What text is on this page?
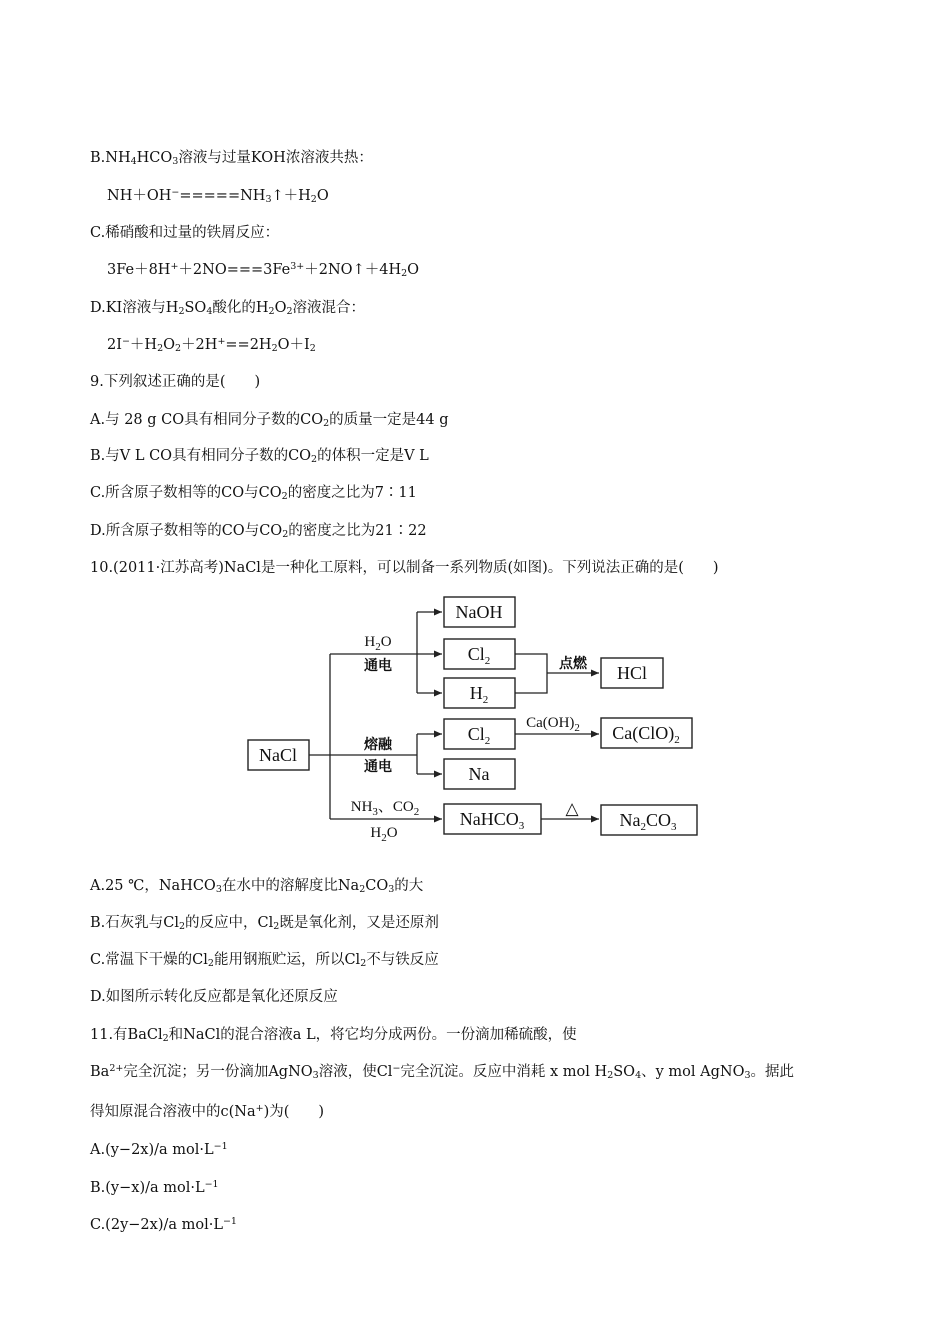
$B.NH_4HCO_3$溶液与过量KOH浓溶液共热：
$NH+OH^-=====NH_3↑+H_2O$
C.稀硝酸和过量的铁屑反应：
$3Fe+8H^++2NO===3Fe^{3+}+2NO↑+4H_2O$
D.KI溶液与$H_2SO_4$酸化的$H_2O_2$溶液混合：
$2I^-+H_2O_2+2H^+==2H_2O+I_2$
9.下列叙述正确的是(　　)
A.与 28 g CO具有相同分子数的$CO_2$的质量一定是44 g
B.与V L CO具有相同分子数的$CO_2$的体积一定是V L
C.所含原子数相等的CO与$CO_2$的密度之比为7∶11
D.所含原子数相等的CO与$CO_2$的密度之比为21∶22
10.(2011·江苏高考)NaCl是一种化工原料，可以制备一系列物质(如图)。下列说法正确的是(　　)
NaCl
NaOH
$Cl_2$
$H_2$
HCl
$Cl_2$
Na
$Ca(ClO)_2$
NaHCO$_3$	$Na_2CO_3$
$H_2O$
通电	点燃
熔融
通电
$Ca(OH)_2$
$NH_3$、$CO_2$
$H_2O$
△
A.25 ℃，NaHCO$_3$在水中的溶解度比$Na_2CO_3$的大
B.石灰乳与$Cl_2$的反应中，$Cl_2$既是氧化剂，又是还原剂
C.常温下干燥的$Cl_2$能用钢瓶贮运，所以$Cl_2$不与铁反应
D.如图所示转化反应都是氧化还原反应
11.有BaCl$_2$和NaCl的混合溶液a L，将它均分成两份。一份滴加稀硫酸，使
$Ba^{2+}$完全沉淀；另一份滴加AgNO$_3$溶液，使Cl−完全沉淀。反应中消耗 x mol $H_2SO_4$、y mol AgNO$_3$。据此
得知原混合溶液中的c(Na+)为(　　)
A.(y−2x)/a $mol\cdot L^{-1}$
B.(y−x)/a $mol\cdot L^{-1}$
C.(2y−2x)/a $mol\cdot L^{-1}$
